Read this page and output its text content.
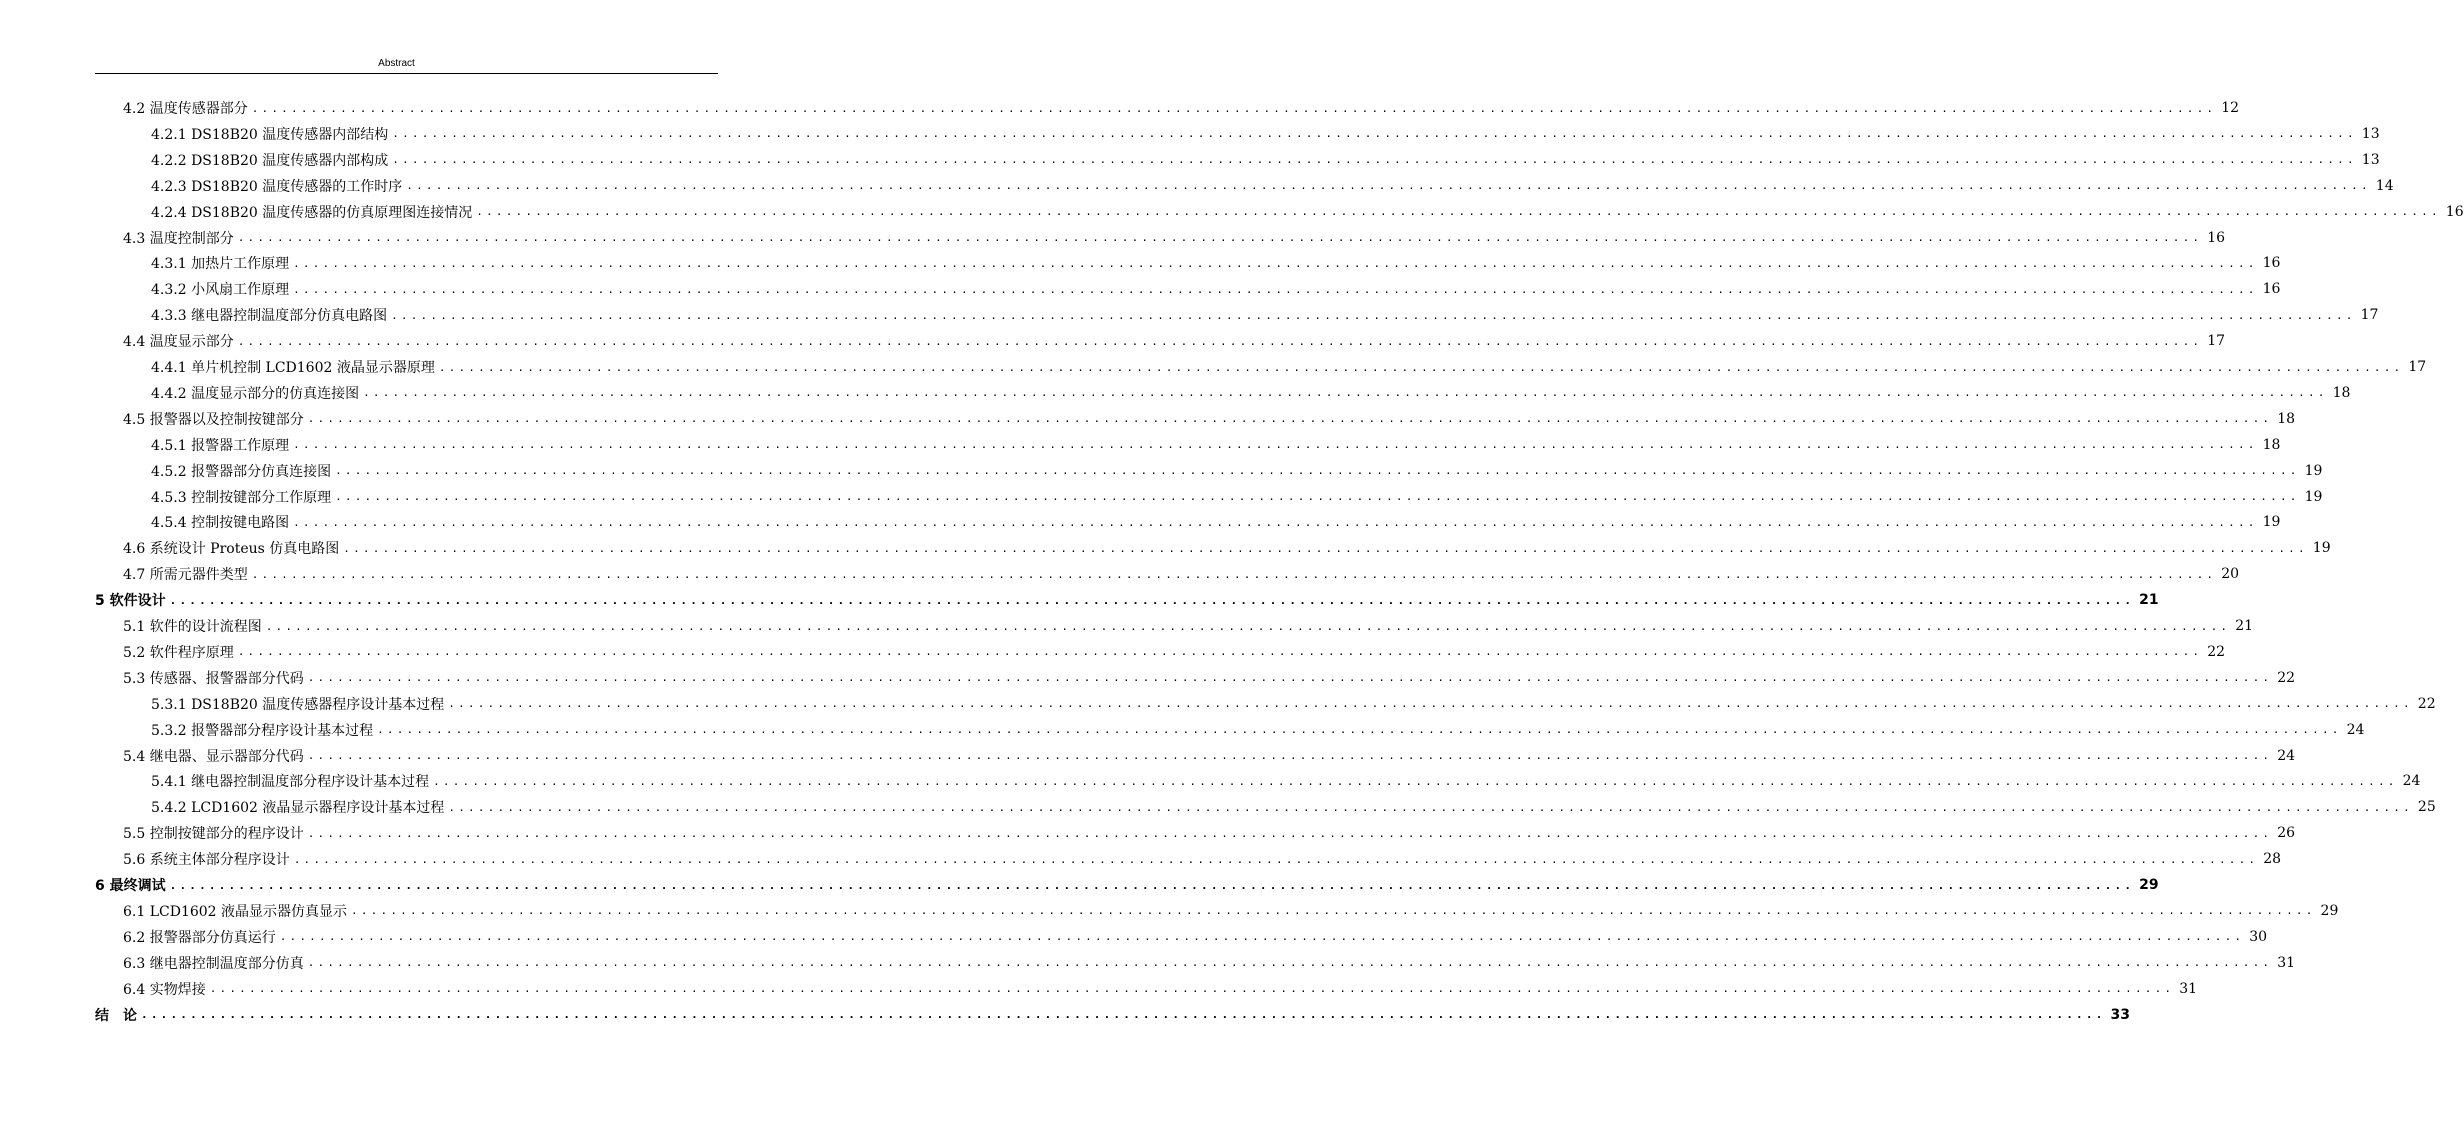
Abstract
4.2 温度传感器部分 ........................................................................................................................................................................................................ 12
4.2.1 DS18B20 温度传感器内部结构 ........................................................................................................................................................................................................ 13
4.2.2 DS18B20 温度传感器内部构成 ........................................................................................................................................................................................................ 13
4.2.3 DS18B20 温度传感器的工作时序 ........................................................................................................................................................................................................ 14
4.2.4 DS18B20 温度传感器的仿真原理图连接情况 ........................................................................................................................................................................................................ 16
4.3 温度控制部分 ........................................................................................................................................................................................................ 16
4.3.1 加热片工作原理 ........................................................................................................................................................................................................ 16
4.3.2 小风扇工作原理 ........................................................................................................................................................................................................ 16
4.3.3 继电器控制温度部分仿真电路图 ........................................................................................................................................................................................................ 17
4.4 温度显示部分 ........................................................................................................................................................................................................ 17
4.4.1 单片机控制 LCD1602 液晶显示器原理 ........................................................................................................................................................................................................ 17
4.4.2 温度显示部分的仿真连接图 ........................................................................................................................................................................................................ 18
4.5 报警器以及控制按键部分 ........................................................................................................................................................................................................ 18
4.5.1 报警器工作原理 ........................................................................................................................................................................................................ 18
4.5.2 报警器部分仿真连接图 ........................................................................................................................................................................................................ 19
4.5.3 控制按键部分工作原理 ........................................................................................................................................................................................................ 19
4.5.4 控制按键电路图 ........................................................................................................................................................................................................ 19
4.6 系统设计 Proteus 仿真电路图 ........................................................................................................................................................................................................ 19
4.7 所需元器件类型 ........................................................................................................................................................................................................ 20
5 软件设计 ........................................................................................................................................................................................................ 21
5.1 软件的设计流程图 ........................................................................................................................................................................................................ 21
5.2 软件程序原理 ........................................................................................................................................................................................................ 22
5.3 传感器、报警器部分代码 ........................................................................................................................................................................................................ 22
5.3.1 DS18B20 温度传感器程序设计基本过程 ........................................................................................................................................................................................................ 22
5.3.2 报警器部分程序设计基本过程 ........................................................................................................................................................................................................ 24
5.4 继电器、显示器部分代码 ........................................................................................................................................................................................................ 24
5.4.1 继电器控制温度部分程序设计基本过程 ........................................................................................................................................................................................................ 24
5.4.2 LCD1602 液晶显示器程序设计基本过程 ........................................................................................................................................................................................................ 25
5.5 控制按键部分的程序设计 ........................................................................................................................................................................................................ 26
5.6 系统主体部分程序设计 ........................................................................................................................................................................................................ 28
6 最终调试 ........................................................................................................................................................................................................ 29
6.1 LCD1602 液晶显示器仿真显示 ........................................................................................................................................................................................................ 29
6.2 报警器部分仿真运行 ........................................................................................................................................................................................................ 30
6.3 继电器控制温度部分仿真 ........................................................................................................................................................................................................ 31
6.4 实物焊接 ........................................................................................................................................................................................................ 31
结　论 ........................................................................................................................................................................................................ 33
